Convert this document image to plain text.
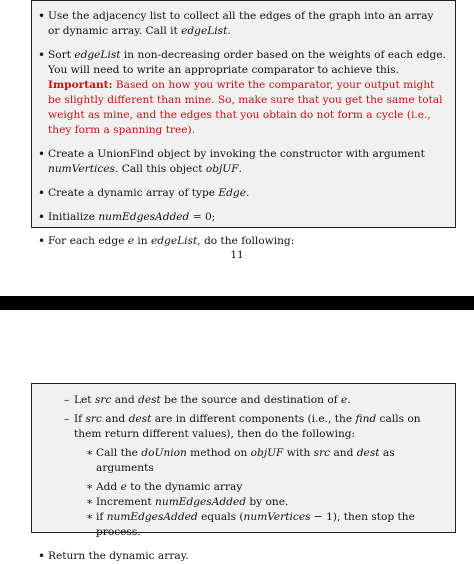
• Use the adjacency list to collect all the edges of the graph into an array or dynamic array. Call it edgeList.
• Sort edgeList in non-decreasing order based on the weights of each edge. You will need to write an appropriate comparator to achieve this. Important: Based on how you write the comparator, your output might be slightly different than mine. So, make sure that you get the same total weight as mine, and the edges that you obtain do not form a cycle (i.e., they form a spanning tree).
• Create a UnionFind object by invoking the constructor with argument numVertices. Call this object objUF.
• Create a dynamic array of type Edge.
• Initialize numEdgesAdded = 0;
• For each edge e in edgeList, do the following:
11
– Let src and dest be the source and destination of e.
– If src and dest are in different components (i.e., the find calls on them return different values), then do the following:
∗ Call the doUnion method on objUF with src and dest as arguments
∗ Add e to the dynamic array
∗ Increment numEdgesAdded by one.
∗ if numEdgesAdded equals (numVertices − 1), then stop the process.
• Return the dynamic array.
